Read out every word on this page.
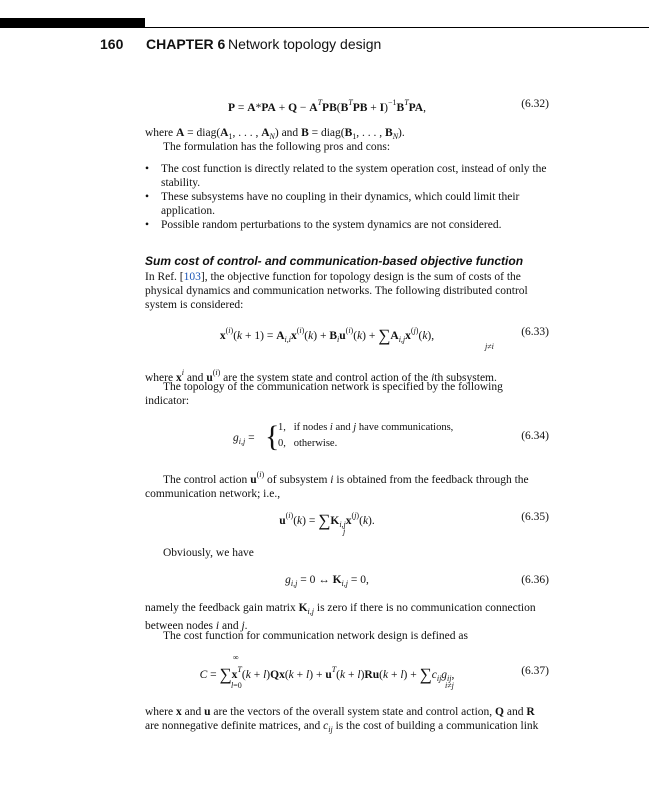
160 CHAPTER 6 Network topology design
$P = A*PA + Q - A^TPB(B^TPB + I)^{-1}B^TPA$,	(6.32)
where $A = diag(A_1$, . . . , $A_N$) and $B = diag(B_1$, . . . , $B_N$).
The formulation has the following pros and cons:
• The cost function is directly related to the system operation cost, instead of only the stability.
• These subsystems have no coupling in their dynamics, which could limit their application.
• Possible random perturbations to the system dynamics are not considered.
Sum cost of control- and communication-based objective function
In Ref. [103], the objective function for topology design is the sum of costs of the physical dynamics and communication networks. The following distributed control system is considered:
$x^{(i)}(k + 1) = A_{i,i}x^{(i)}(k) + B_iu^{(i)}(k) + \sum A_{i,j}x^{(j)}(k)$,
j≠i
(6.33)
where $x^i$ and $u^{(i)}$ are the system state and control action of the ith subsystem.
The topology of the communication network is specified by the following indicator:
$g_{i,j}$ = {
1,   if nodes i and j have communications,
0, otherwise.
(6.34)
The control action $u^{(i)}$ of subsystem i is obtained from the feedback through the communication network; i.e.,
$u^{(i)}(k) = \sum K_{i,j}x^{(j)}(k)$.
j
(6.35)
Obviously, we have
$g_{i,j} = 0$ ↔ $K_{i,j} = 0$,	(6.36)
namely the feedback gain matrix $K_{i,j}$ is zero if there is no communication connection between nodes i and j.
The cost function for communication network design is defined as
∞
$C = \sum x^T(k + l)Qx(k + l) + u^T(k + l)Ru(k + l) + \sum c_{ij}g_{ij}$,
l=0	i≠j
(6.37)
where x and u are the vectors of the overall system state and control action, Q and R are nonnegative definite matrices, and $c_{ij}$ is the cost of building a communication link
